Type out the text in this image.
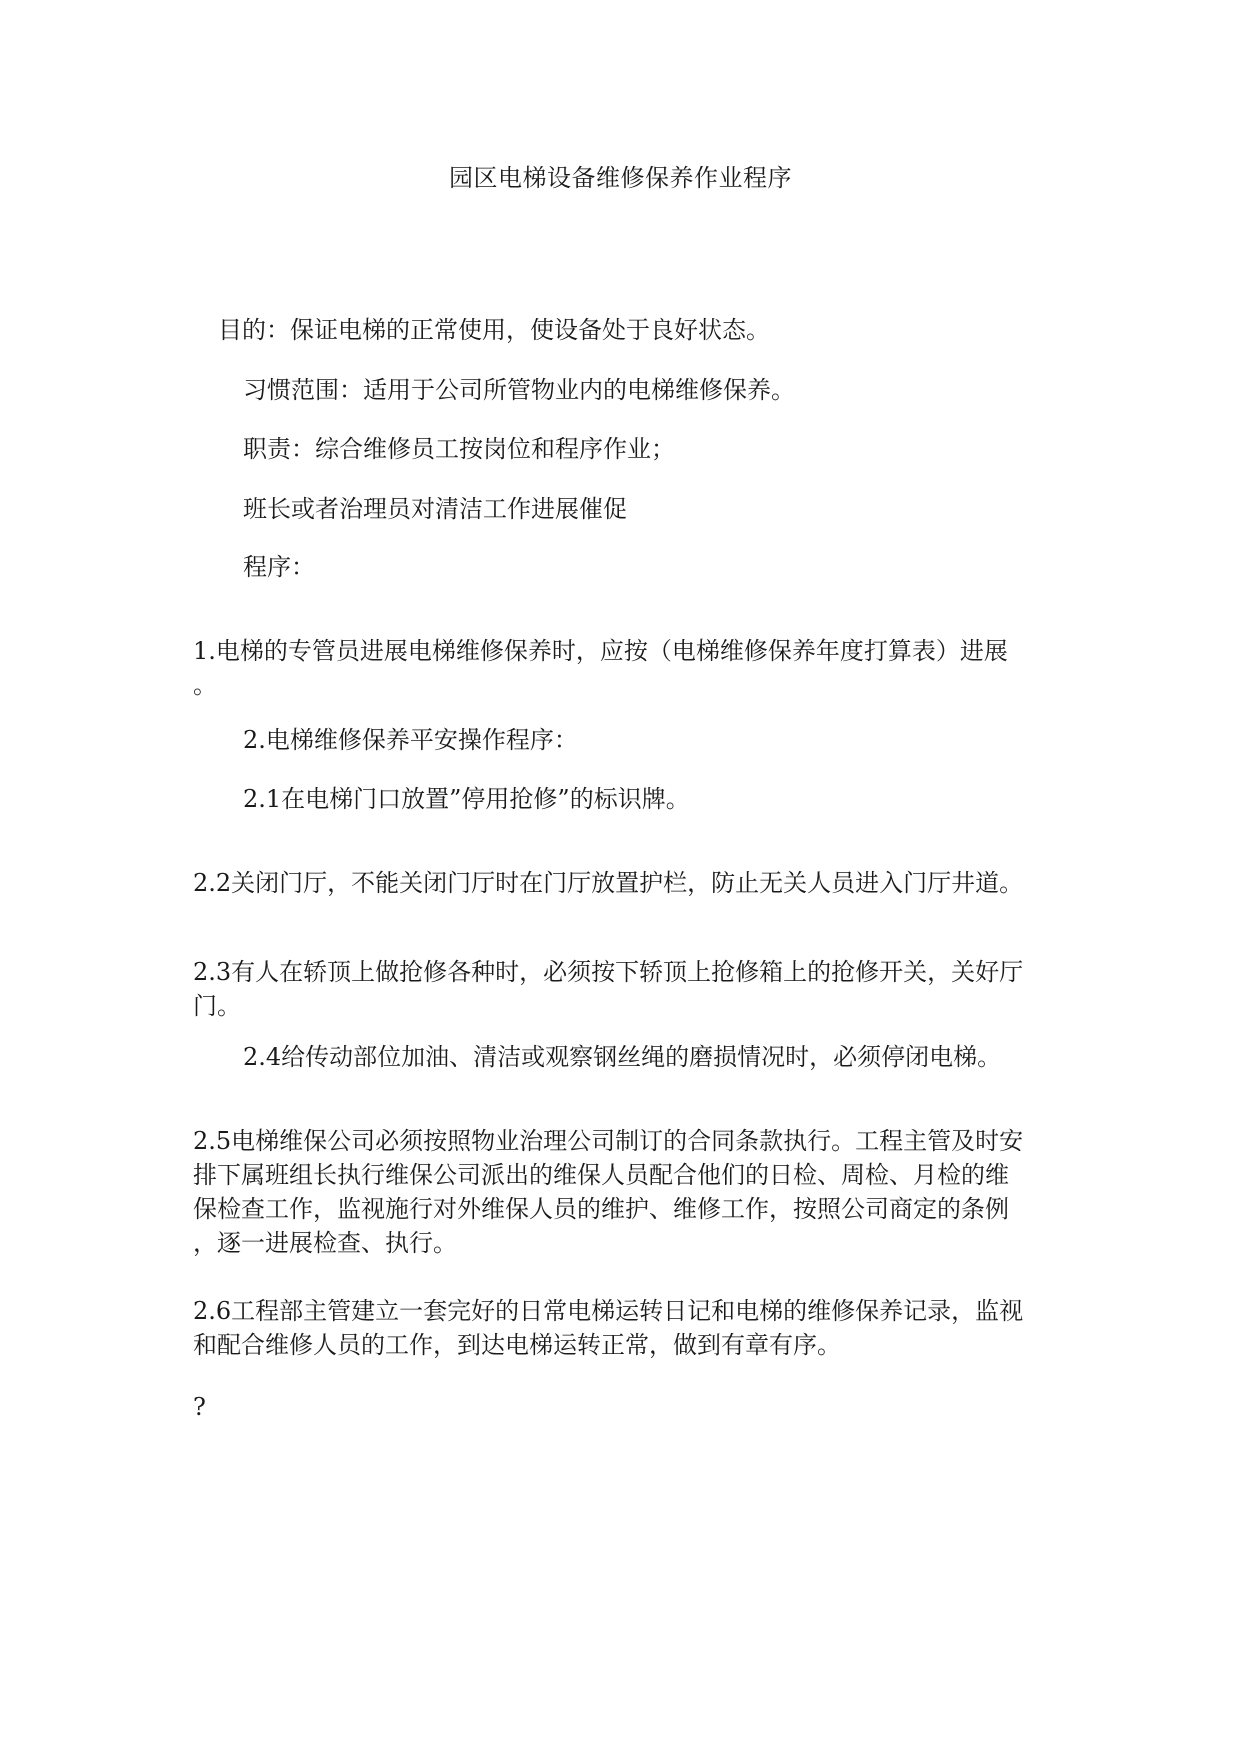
园区电梯设备维修保养作业程序
目的：保证电梯的正常使用，使设备处于良好状态。
习惯范围：适用于公司所管物业内的电梯维修保养。
职责：综合维修员工按岗位和程序作业；
班长或者治理员对清洁工作进展催促
程序：
1.电梯的专管员进展电梯维修保养时，应按（电梯维修保养年度打算表）进展
。
2.电梯维修保养平安操作程序：
2.1在电梯门口放置”停用抢修”的标识牌。
2.2关闭门厅，不能关闭门厅时在门厅放置护栏，防止无关人员进入门厅井道。
2.3有人在轿顶上做抢修各种时，必须按下轿顶上抢修箱上的抢修开关，关好厅
门。
2.4给传动部位加油、清洁或观察钢丝绳的磨损情况时，必须停闭电梯。
2.5电梯维保公司必须按照物业治理公司制订的合同条款执行。工程主管及时安
排下属班组长执行维保公司派出的维保人员配合他们的日检、周检、月检的维
保检查工作，监视施行对外维保人员的维护、维修工作，按照公司商定的条例
，逐一进展检查、执行。
2.6工程部主管建立一套完好的日常电梯运转日记和电梯的维修保养记录，监视
和配合维修人员的工作，到达电梯运转正常，做到有章有序。
?
